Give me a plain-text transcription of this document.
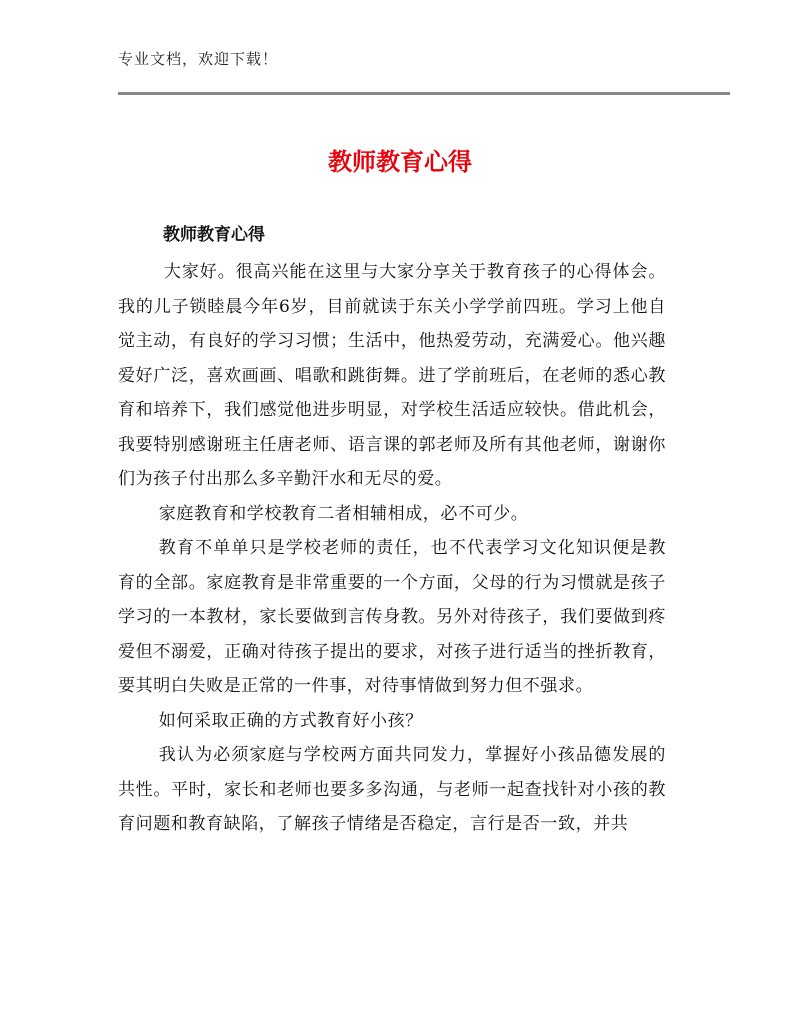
专业文档，欢迎下载！
教师教育心得
教师教育心得

大家好。很高兴能在这里与大家分享关于教育孩子的心得体会。我的儿子锁睦晨今年6岁，目前就读于东关小学学前四班。学习上他自觉主动，有良好的学习习惯；生活中，他热爱劳动，充满爱心。他兴趣爱好广泛，喜欢画画、唱歌和跳街舞。进了学前班后，在老师的悉心教育和培养下，我们感觉他进步明显，对学校生活适应较快。借此机会，我要特别感谢班主任唐老师、语言课的郭老师及所有其他老师，谢谢你们为孩子付出那么多辛勤汗水和无尽的爱。

家庭教育和学校教育二者相辅相成，必不可少。

教育不单单只是学校老师的责任，也不代表学习文化知识便是教育的全部。家庭教育是非常重要的一个方面，父母的行为习惯就是孩子学习的一本教材，家长要做到言传身教。另外对待孩子，我们要做到疼爱但不溺爱，正确对待孩子提出的要求，对孩子进行适当的挫折教育，要其明白失败是正常的一件事，对待事情做到努力但不强求。

如何采取正确的方式教育好小孩？

我认为必须家庭与学校两方面共同发力，掌握好小孩品德发展的共性。平时，家长和老师也要多多沟通，与老师一起查找针对小孩的教育问题和教育缺陷，了解孩子情绪是否稳定，言行是否一致，并共
